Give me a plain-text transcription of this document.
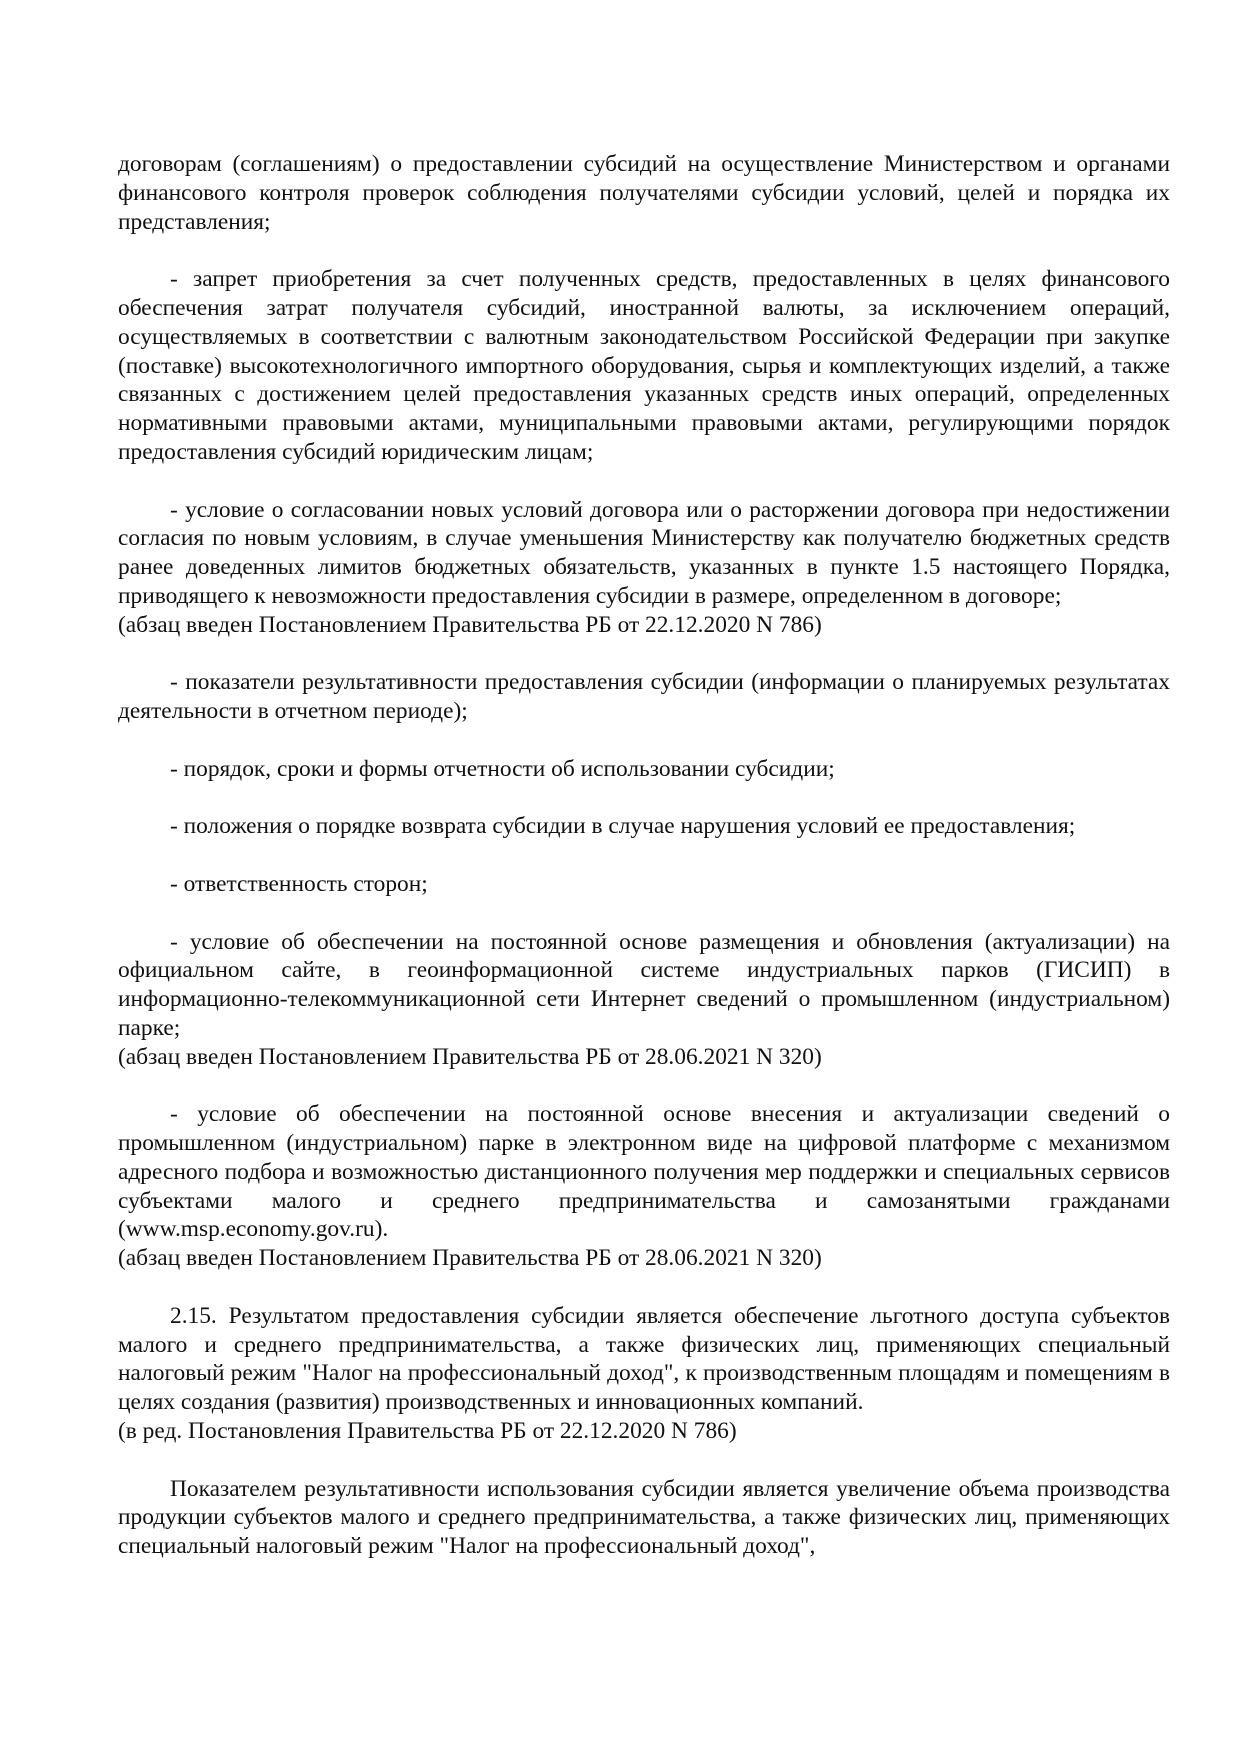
договорам (соглашениям) о предоставлении субсидий на осуществление Министерством и органами финансового контроля проверок соблюдения получателями субсидии условий, целей и порядка их представления;

- запрет приобретения за счет полученных средств, предоставленных в целях финансового обеспечения затрат получателя субсидий, иностранной валюты, за исключением операций, осуществляемых в соответствии с валютным законодательством Российской Федерации при закупке (поставке) высокотехнологичного импортного оборудования, сырья и комплектующих изделий, а также связанных с достижением целей предоставления указанных средств иных операций, определенных нормативными правовыми актами, муниципальными правовыми актами, регулирующими порядок предоставления субсидий юридическим лицам;

- условие о согласовании новых условий договора или о расторжении договора при недостижении согласия по новым условиям, в случае уменьшения Министерству как получателю бюджетных средств ранее доведенных лимитов бюджетных обязательств, указанных в пункте 1.5 настоящего Порядка, приводящего к невозможности предоставления субсидии в размере, определенном в договоре;

(абзац введен Постановлением Правительства РБ от 22.12.2020 N 786)

- показатели результативности предоставления субсидии (информации о планируемых результатах деятельности в отчетном периоде);

- порядок, сроки и формы отчетности об использовании субсидии;

- положения о порядке возврата субсидии в случае нарушения условий ее предоставления;

- ответственность сторон;

- условие об обеспечении на постоянной основе размещения и обновления (актуализации) на официальном сайте, в геоинформационной системе индустриальных парков (ГИСИП) в информационно-телекоммуникационной сети Интернет сведений о промышленном (индустриальном) парке;

(абзац введен Постановлением Правительства РБ от 28.06.2021 N 320)

- условие об обеспечении на постоянной основе внесения и актуализации сведений о промышленном (индустриальном) парке в электронном виде на цифровой платформе с механизмом адресного подбора и возможностью дистанционного получения мер поддержки и специальных сервисов субъектами малого и среднего предпринимательства и самозанятыми гражданами (www.msp.economy.gov.ru).

(абзац введен Постановлением Правительства РБ от 28.06.2021 N 320)

2.15. Результатом предоставления субсидии является обеспечение льготного доступа субъектов малого и среднего предпринимательства, а также физических лиц, применяющих специальный налоговый режим "Налог на профессиональный доход", к производственным площадям и помещениям в целях создания (развития) производственных и инновационных компаний.

(в ред. Постановления Правительства РБ от 22.12.2020 N 786)

Показателем результативности использования субсидии является увеличение объема производства продукции субъектов малого и среднего предпринимательства, а также физических лиц, применяющих специальный налоговый режим "Налог на профессиональный доход",
